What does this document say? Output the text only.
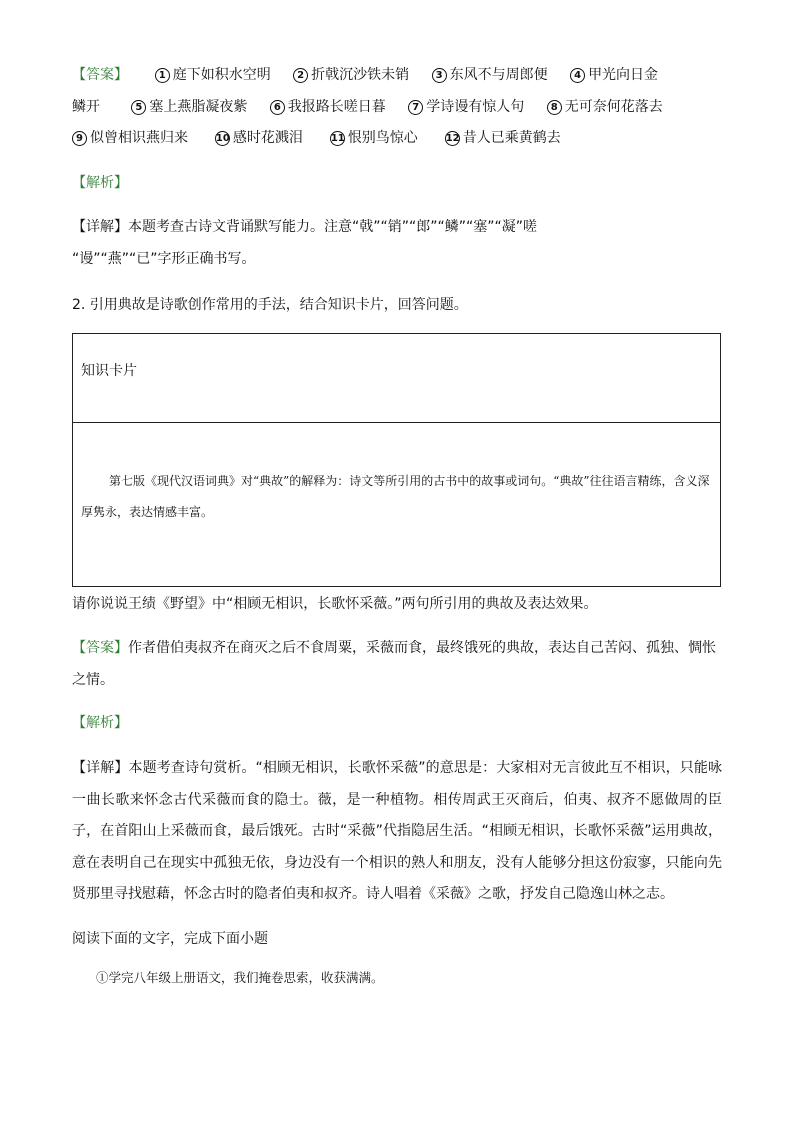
【答案】	1 庭下如积水空明	2 折戟沉沙铁未销	3 东风不与周郎便	4 甲光向日金
鳞开	5 塞上燕脂凝夜紫	6 我报路长嗟日暮	7 学诗谩有惊人句	8 无可奈何花落去
9 似曾相识燕归来	10 感时花溅泪	11 恨别鸟惊心	12 昔人已乘黄鹤去
【解析】
【详解】本题考查古诗文背诵默写能力。注意“戟”“销”“郎”“鳞”“塞”“凝”嗟
“谩”“燕”“已”字形正确书写。
2. 引用典故是诗歌创作常用的手法，结合知识卡片，回答问题。
知识卡片
第七版《现代汉语词典》对“典故”的解释为：诗文等所引用的古书中的故事或词句。“典故”往往语言精练，含义深厚隽永，表达情感丰富。
请你说说王绩《野望》中“相顾无相识，长歌怀采薇。”两句所引用的典故及表达效果。
【答案】作者借伯夷叔齐在商灭之后不食周粟，采薇而食，最终饿死的典故，表达自己苦闷、孤独、惆怅之情。
【解析】
【详解】本题考查诗句赏析。“相顾无相识，长歌怀采薇”的意思是：大家相对无言彼此互不相识，只能咏一曲长歌来怀念古代采薇而食的隐士。薇，是一种植物。相传周武王灭商后，伯夷、叔齐不愿做周的臣子，在首阳山上采薇而食，最后饿死。古时“采薇”代指隐居生活。“相顾无相识，长歌怀采薇”运用典故，意在表明自己在现实中孤独无依，身边没有一个相识的熟人和朋友，没有人能够分担这份寂寥，只能向先贤那里寻找慰藉，怀念古时的隐者伯夷和叔齐。诗人唱着《采薇》之歌，抒发自己隐逸山林之志。
阅读下面的文字，完成下面小题
①学完八年级上册语文，我们掩卷思索，收获满满。
